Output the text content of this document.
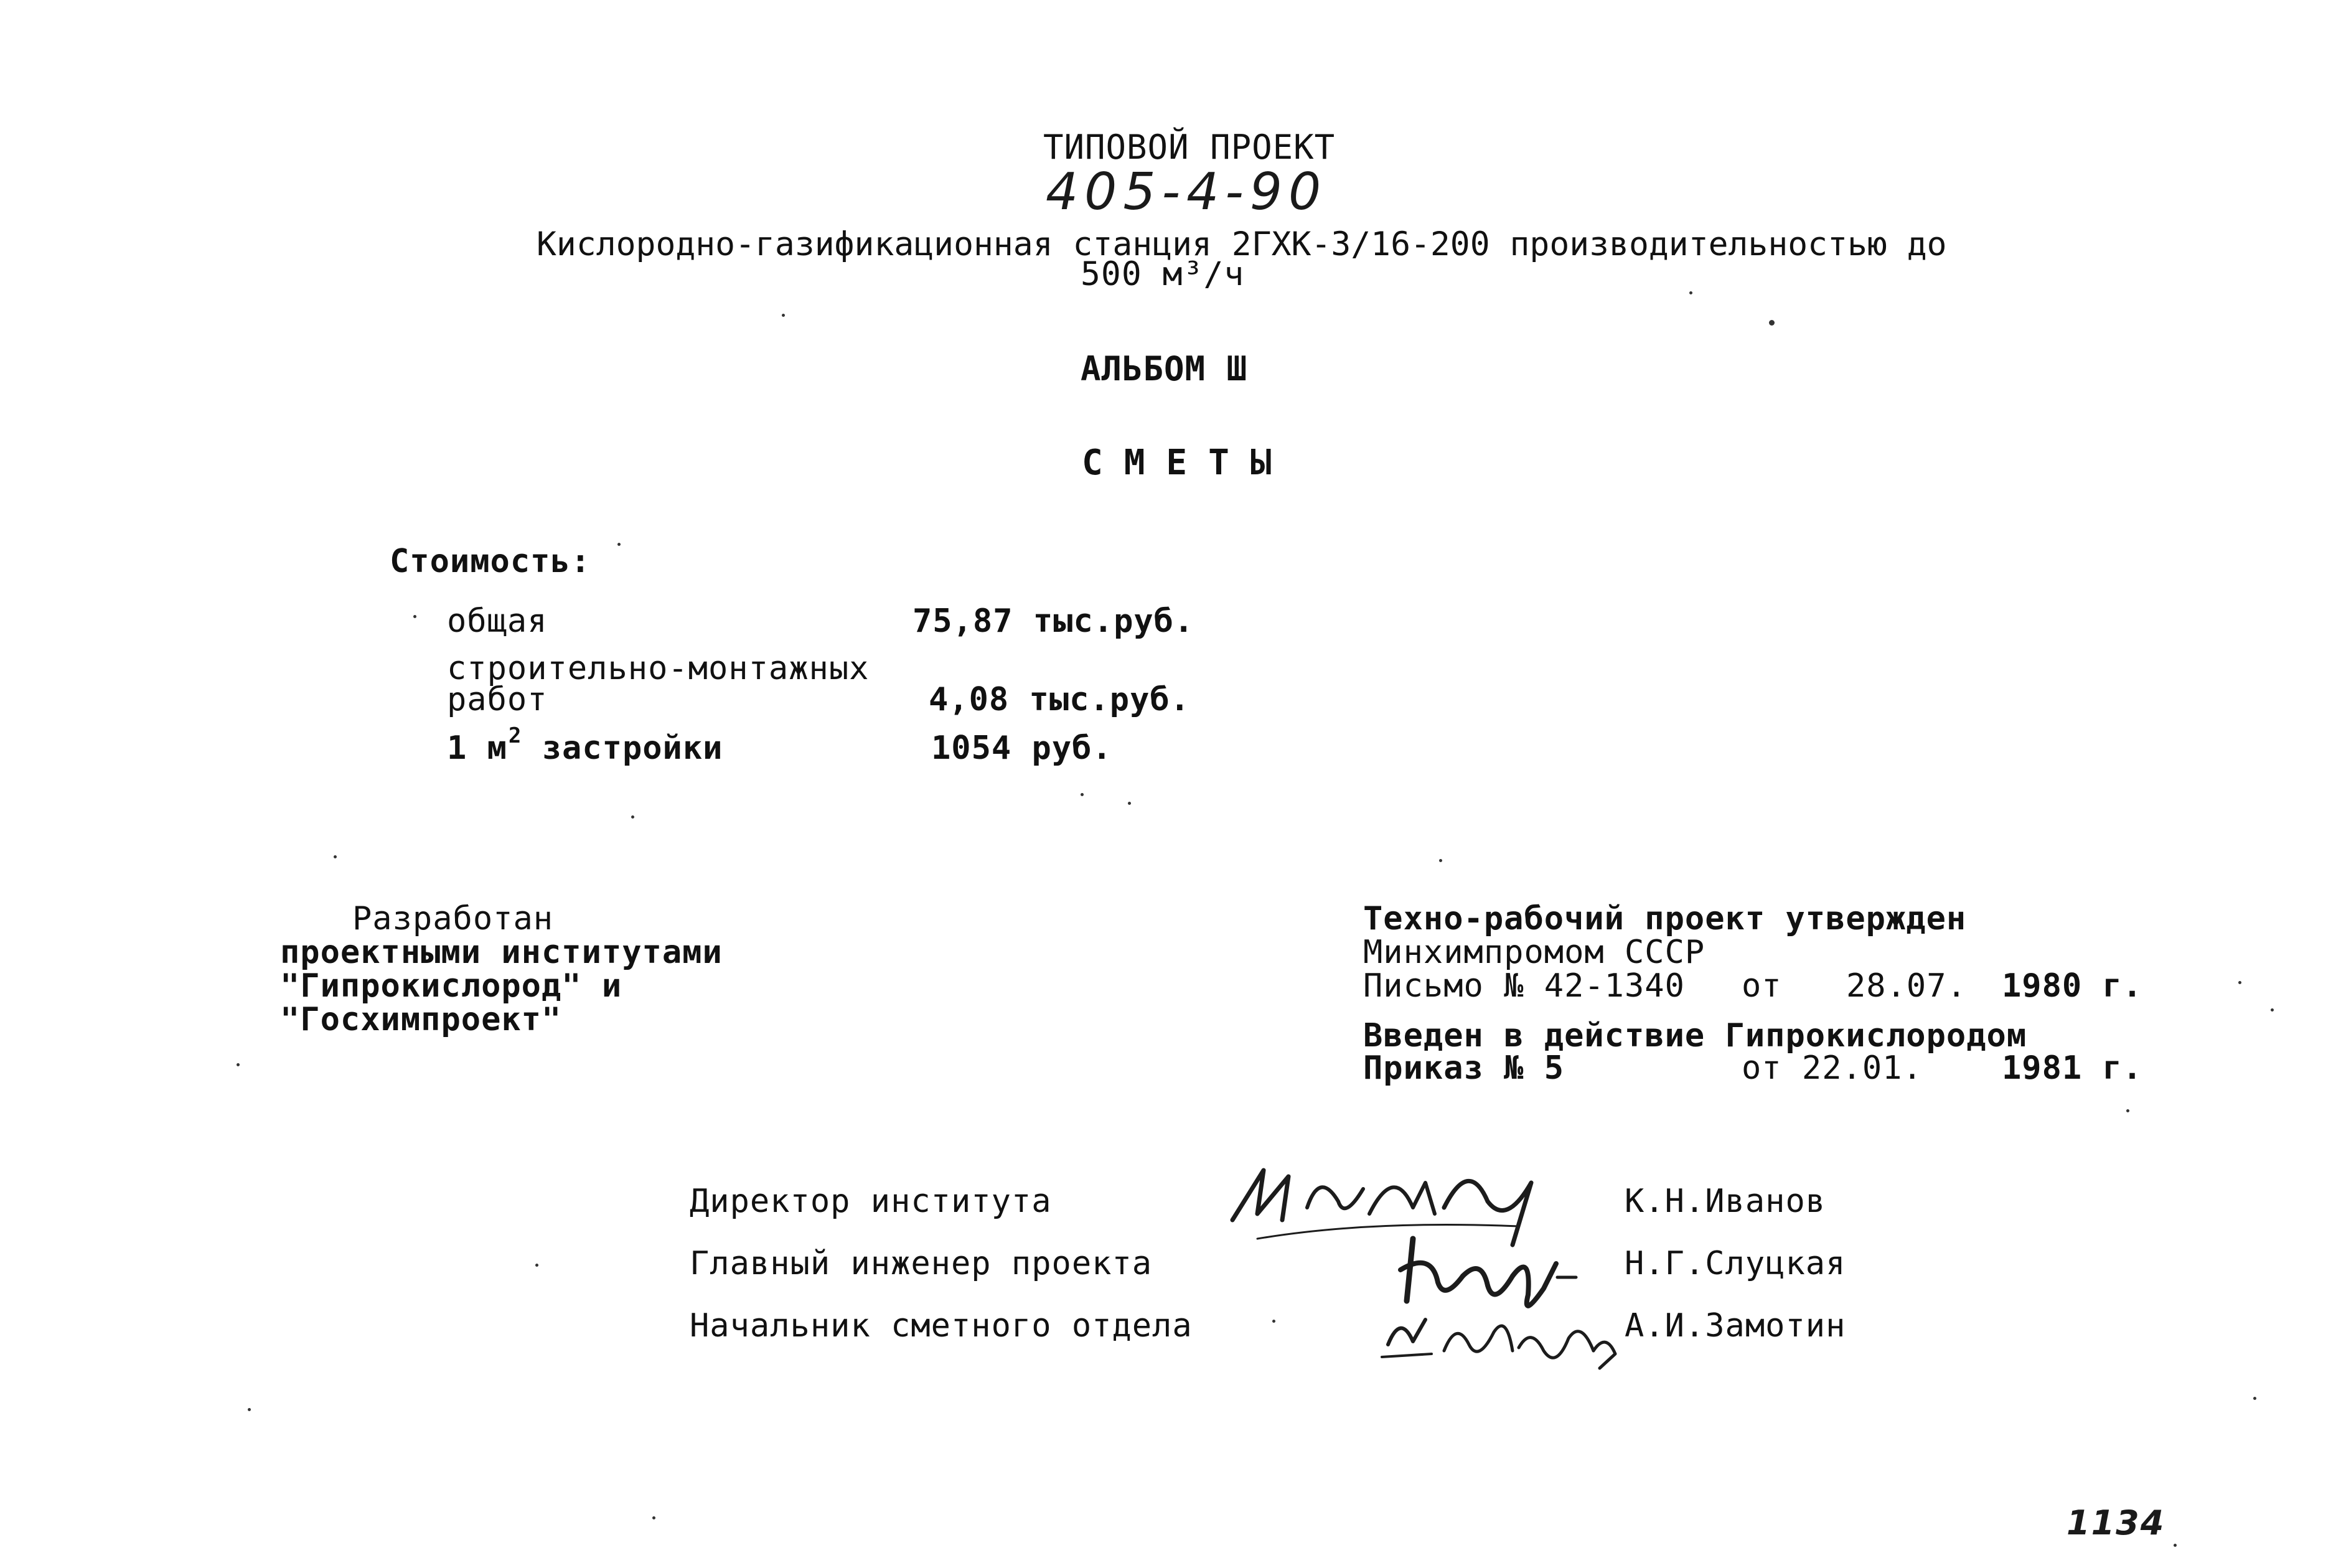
ТИПОВОЙ ПРОЕКТ
405-4-90
Кислородно-газификационная станция 2ГХК-3/16-200 производительностью до
500 м³/ч
АЛЬБОМ Ш
СМЕТЫ
Стоимость:
общая	75,87 тыс.руб.
строительно-монтажных
работ	4,08 тыс.руб.
1 $м^2$ застройки	1054 руб.
Разработан
проектными институтами
"Гипрокислород" и
"Госхимпроект"
Техно-рабочий проект утвержден
Минхимпромом СССР
Письмо № 42-1340 от 28.07. 1980 г.
Введен в действие Гипрокислородом
Приказ № 5	от 22.01. 1981 г.
Директор института	К.Н.Иванов
Главный инженер проекта	Н.Г.Слуцкая
Начальник сметного отдела	А.И.Замотин
1134
